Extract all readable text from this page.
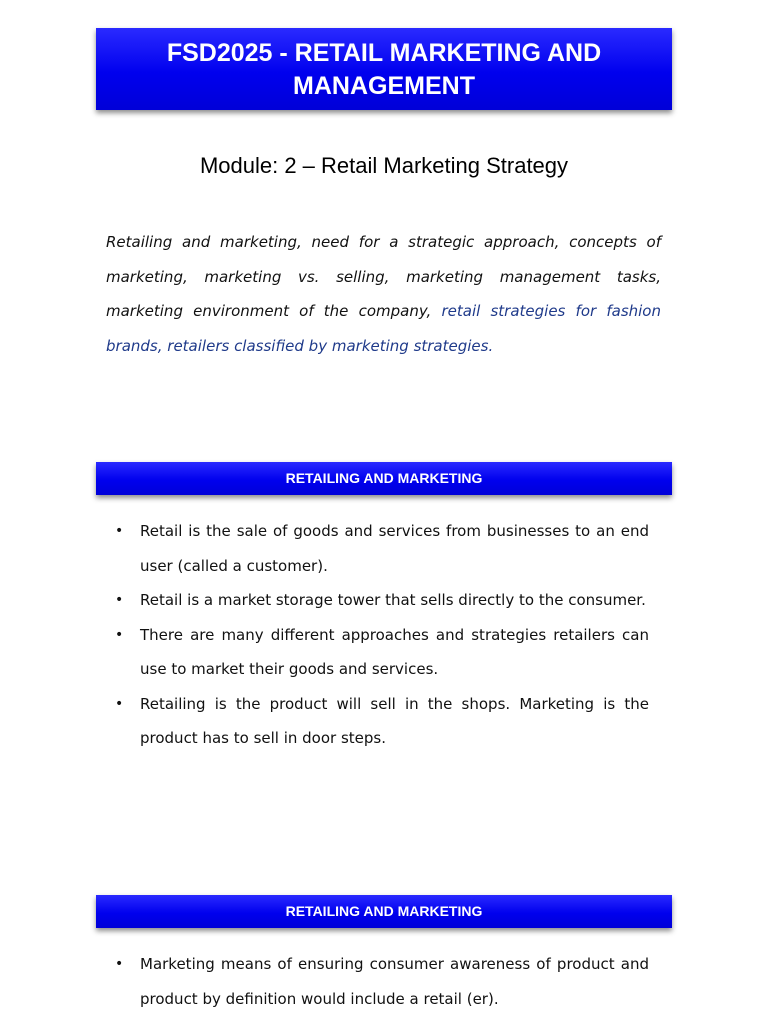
FSD2025 - RETAIL MARKETING AND
MANAGEMENT
Module: 2 – Retail Marketing Strategy

Retailing and marketing, need for a strategic approach, concepts of marketing, marketing vs. selling, marketing management tasks, marketing environment of the company, retail strategies for fashion brands, retailers classified by marketing strategies.

RETAILING AND MARKETING
• Retail is the sale of goods and services from businesses to an end user (called a customer).
• Retail is a market storage tower that sells directly to the consumer.
• There are many different approaches and strategies retailers can use to market their goods and services.
• Retailing is the product will sell in the shops. Marketing is the product has to sell in door steps.
RETAILING AND MARKETING
• Marketing means of ensuring consumer awareness of product and product by definition would include a retail (er).
